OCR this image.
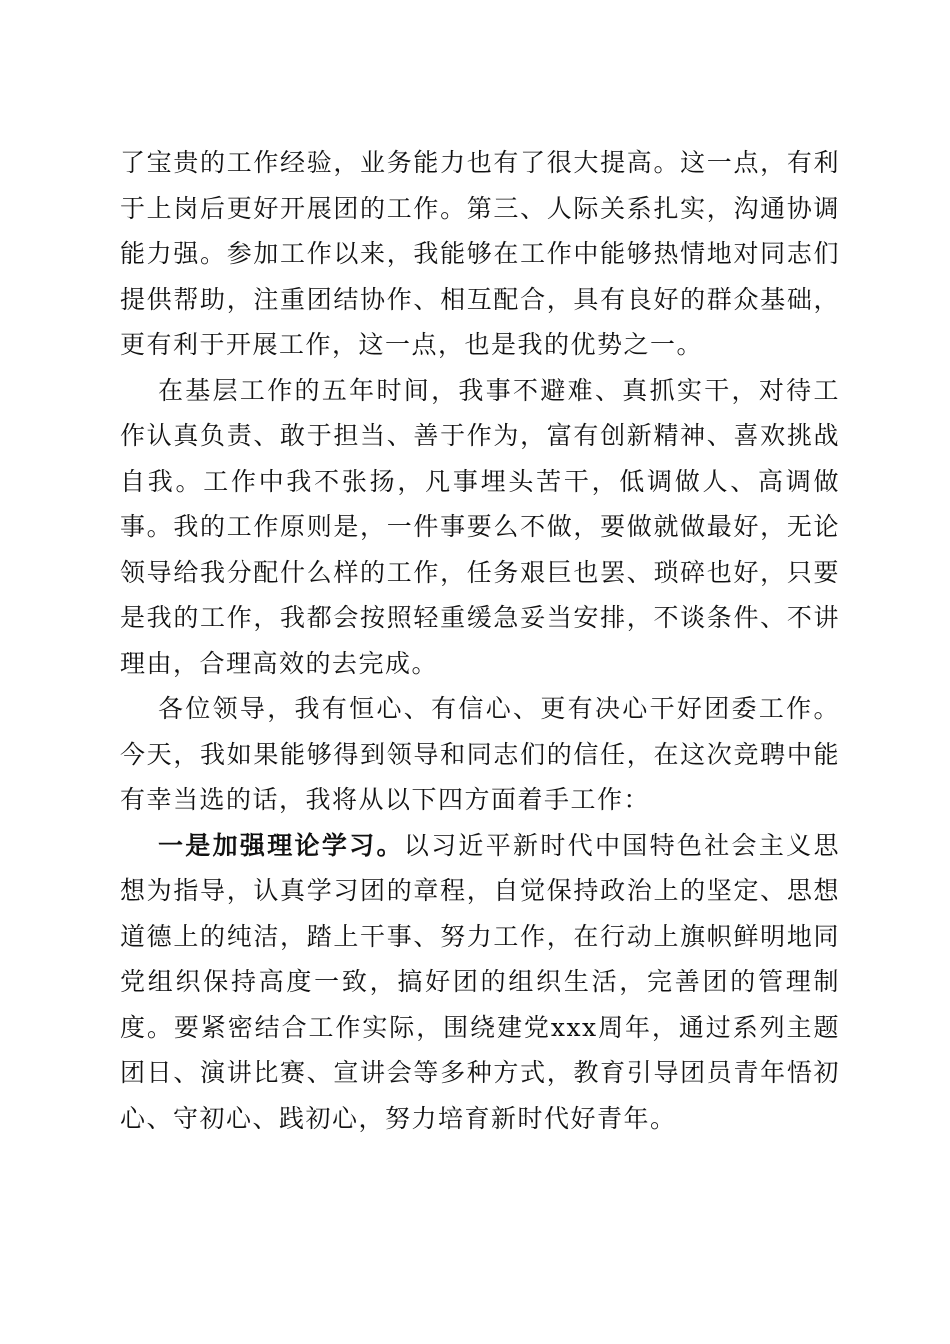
了宝贵的工作经验，业务能力也有了很大提高。这一点，有利于上岗后更好开展团的工作。第三、人际关系扎实，沟通协调能力强。参加工作以来，我能够在工作中能够热情地对同志们提供帮助，注重团结协作、相互配合，具有良好的群众基础，更有利于开展工作，这一点，也是我的优势之一。

在基层工作的五年时间，我事不避难、真抓实干，对待工作认真负责、敢于担当、善于作为，富有创新精神、喜欢挑战自我。工作中我不张扬，凡事埋头苦干，低调做人、高调做事。我的工作原则是，一件事要么不做，要做就做最好，无论领导给我分配什么样的工作，任务艰巨也罢、琐碎也好，只要是我的工作，我都会按照轻重缓急妥当安排，不谈条件、不讲理由，合理高效的去完成。

各位领导，我有恒心、有信心、更有决心干好团委工作。今天，我如果能够得到领导和同志们的信任，在这次竞聘中能有幸当选的话，我将从以下四方面着手工作：

一是加强理论学习。以习近平新时代中国特色社会主义思想为指导，认真学习团的章程，自觉保持政治上的坚定、思想道德上的纯洁，踏上干事、努力工作，在行动上旗帜鲜明地同党组织保持高度一致，搞好团的组织生活，完善团的管理制度。要紧密结合工作实际，围绕建党xxx周年，通过系列主题团日、演讲比赛、宣讲会等多种方式，教育引导团员青年悟初心、守初心、践初心，努力培育新时代好青年。
